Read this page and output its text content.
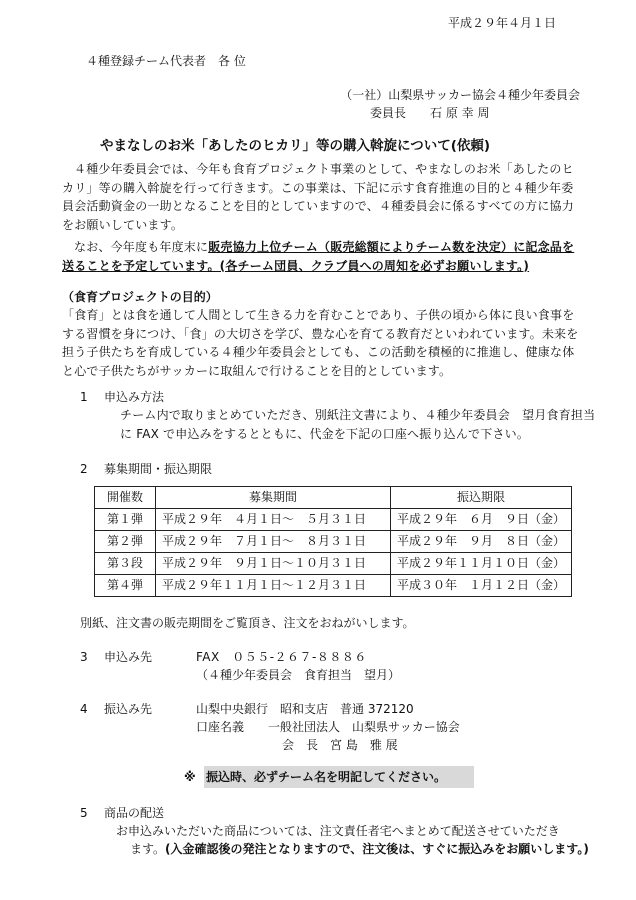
平成２９年４月１日
４種登録チーム代表者　各 位
（一社）山梨県サッカー協会４種少年委員会
委員長　　石 原 幸 周
やまなしのお米「あしたのヒカリ」等の購入斡旋について(依頼)
４種少年委員会では、今年も食育プロジェクト事業のとして、やまなしのお米「あしたのヒカリ」等の購入斡旋を行って行きます。この事業は、下記に示す食育推進の目的と４種少年委員会活動資金の一助となることを目的としていますので、４種委員会に係るすべての方に協力をお願いしています。
なお、今年度も年度末に販売協力上位チーム（販売総額によりチーム数を決定）に記念品を送ることを予定しています。(各チーム団員、クラブ員への周知を必ずお願いします。)
（食育プロジェクトの目的）
「食育」とは食を通して人間として生きる力を育むことであり、子供の頃から体に良い食事をする習慣を身につけ、「食」の大切さを学び、豊な心を育てる教育だといわれています。未来を担う子供たちを育成している４種少年委員会としても、この活動を積極的に推進し、健康な体と心で子供たちがサッカーに取組んで行けることを目的としています。
1 申込み方法
チーム内で取りまとめていただき、別紙注文書により、４種少年委員会　望月食育担当に FAX で申込みをするとともに、代金を下記の口座へ振り込んで下さい。
2 募集期間・振込期限
開催数	募集期間	振込期限
第１弾	平成２９年　４月１日～　５月３１日	平成２９年　６月　９日（金）
第２弾	平成２９年　７月１日～　８月３１日	平成２９年　９月　８日（金）
第３段	平成２９年　９月１日～１０月３１日	平成２９年１１月１０日（金）
第４弾	平成２９年１１月１日～１２月３１日	平成３０年　１月１２日（金）
別紙、注文書の販売期間をご覧頂き、注文をおねがいします。
3 申込み先	FAX　０５５-２６７-８８８６
（４種少年委員会　食育担当　望月）
4 振込み先	山梨中央銀行　昭和支店　普通 372120
口座名義　　一般社団法人　山梨県サッカー協会
会　長　宮 島　雅 展
※ 振込時、必ずチーム名を明記してください。
5 商品の配送
お申込みいただいた商品については、注文責任者宅へまとめて配送させていただき
ます。(入金確認後の発注となりますので、注文後は、すぐに振込みをお願いします。)
